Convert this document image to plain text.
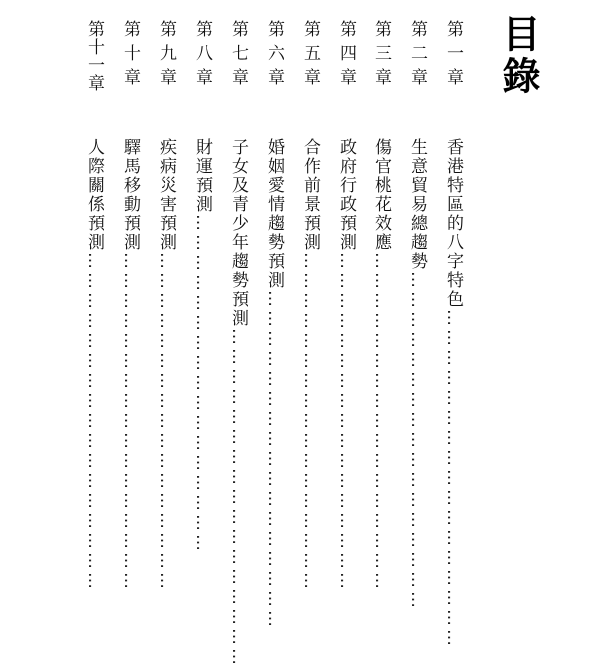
目錄
第一章
香港特區的八字特色……………………………………………
第二章
生意貿易總趨勢……………………………………………
第三章
傷官桃花效應……………………………………………
第四章
政府行政預測……………………………………………
第五章
合作前景預測……………………………………………
第六章
婚姻愛情趨勢預測……………………………………………
第七章
子女及青少年趨勢預測……………………………………………
第八章
財運預測……………………………………………
第九章
疾病災害預測……………………………………………
第十章
驛馬移動預測……………………………………………
第十一章
人際關係預測……………………………………………
